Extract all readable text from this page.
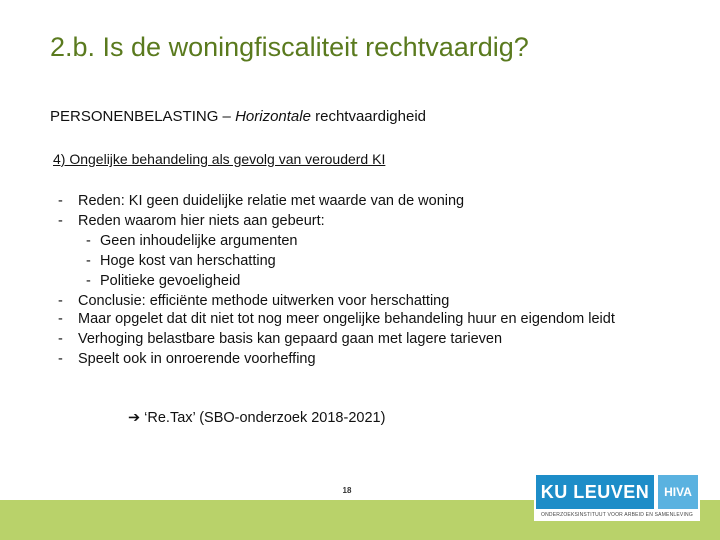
2.b. Is de woningfiscaliteit rechtvaardig?
PERSONENBELASTING – Horizontale rechtvaardigheid
4) Ongelijke behandeling als gevolg van verouderd KI
-	Reden: KI geen duidelijke relatie met waarde van de woning
-	Reden waarom hier niets aan gebeurt:
- Geen inhoudelijke argumenten
- Hoge kost van herschatting
- Politieke gevoeligheid
-	Conclusie: efficiënte methode uitwerken voor herschatting
-	Maar opgelet dat dit niet tot nog meer ongelijke behandeling huur en eigendom leidt
-	Verhoging belastbare basis kan gepaard gaan met lagere tarieven
-	Speelt ook in onroerende voorheffing
➔ ‘Re.Tax’ (SBO-onderzoek 2018-2021)
18	KU LEUVEN	HIVA
ONDERZOEKSINSTITUUT VOOR ARBEID EN SAMENLEVING
